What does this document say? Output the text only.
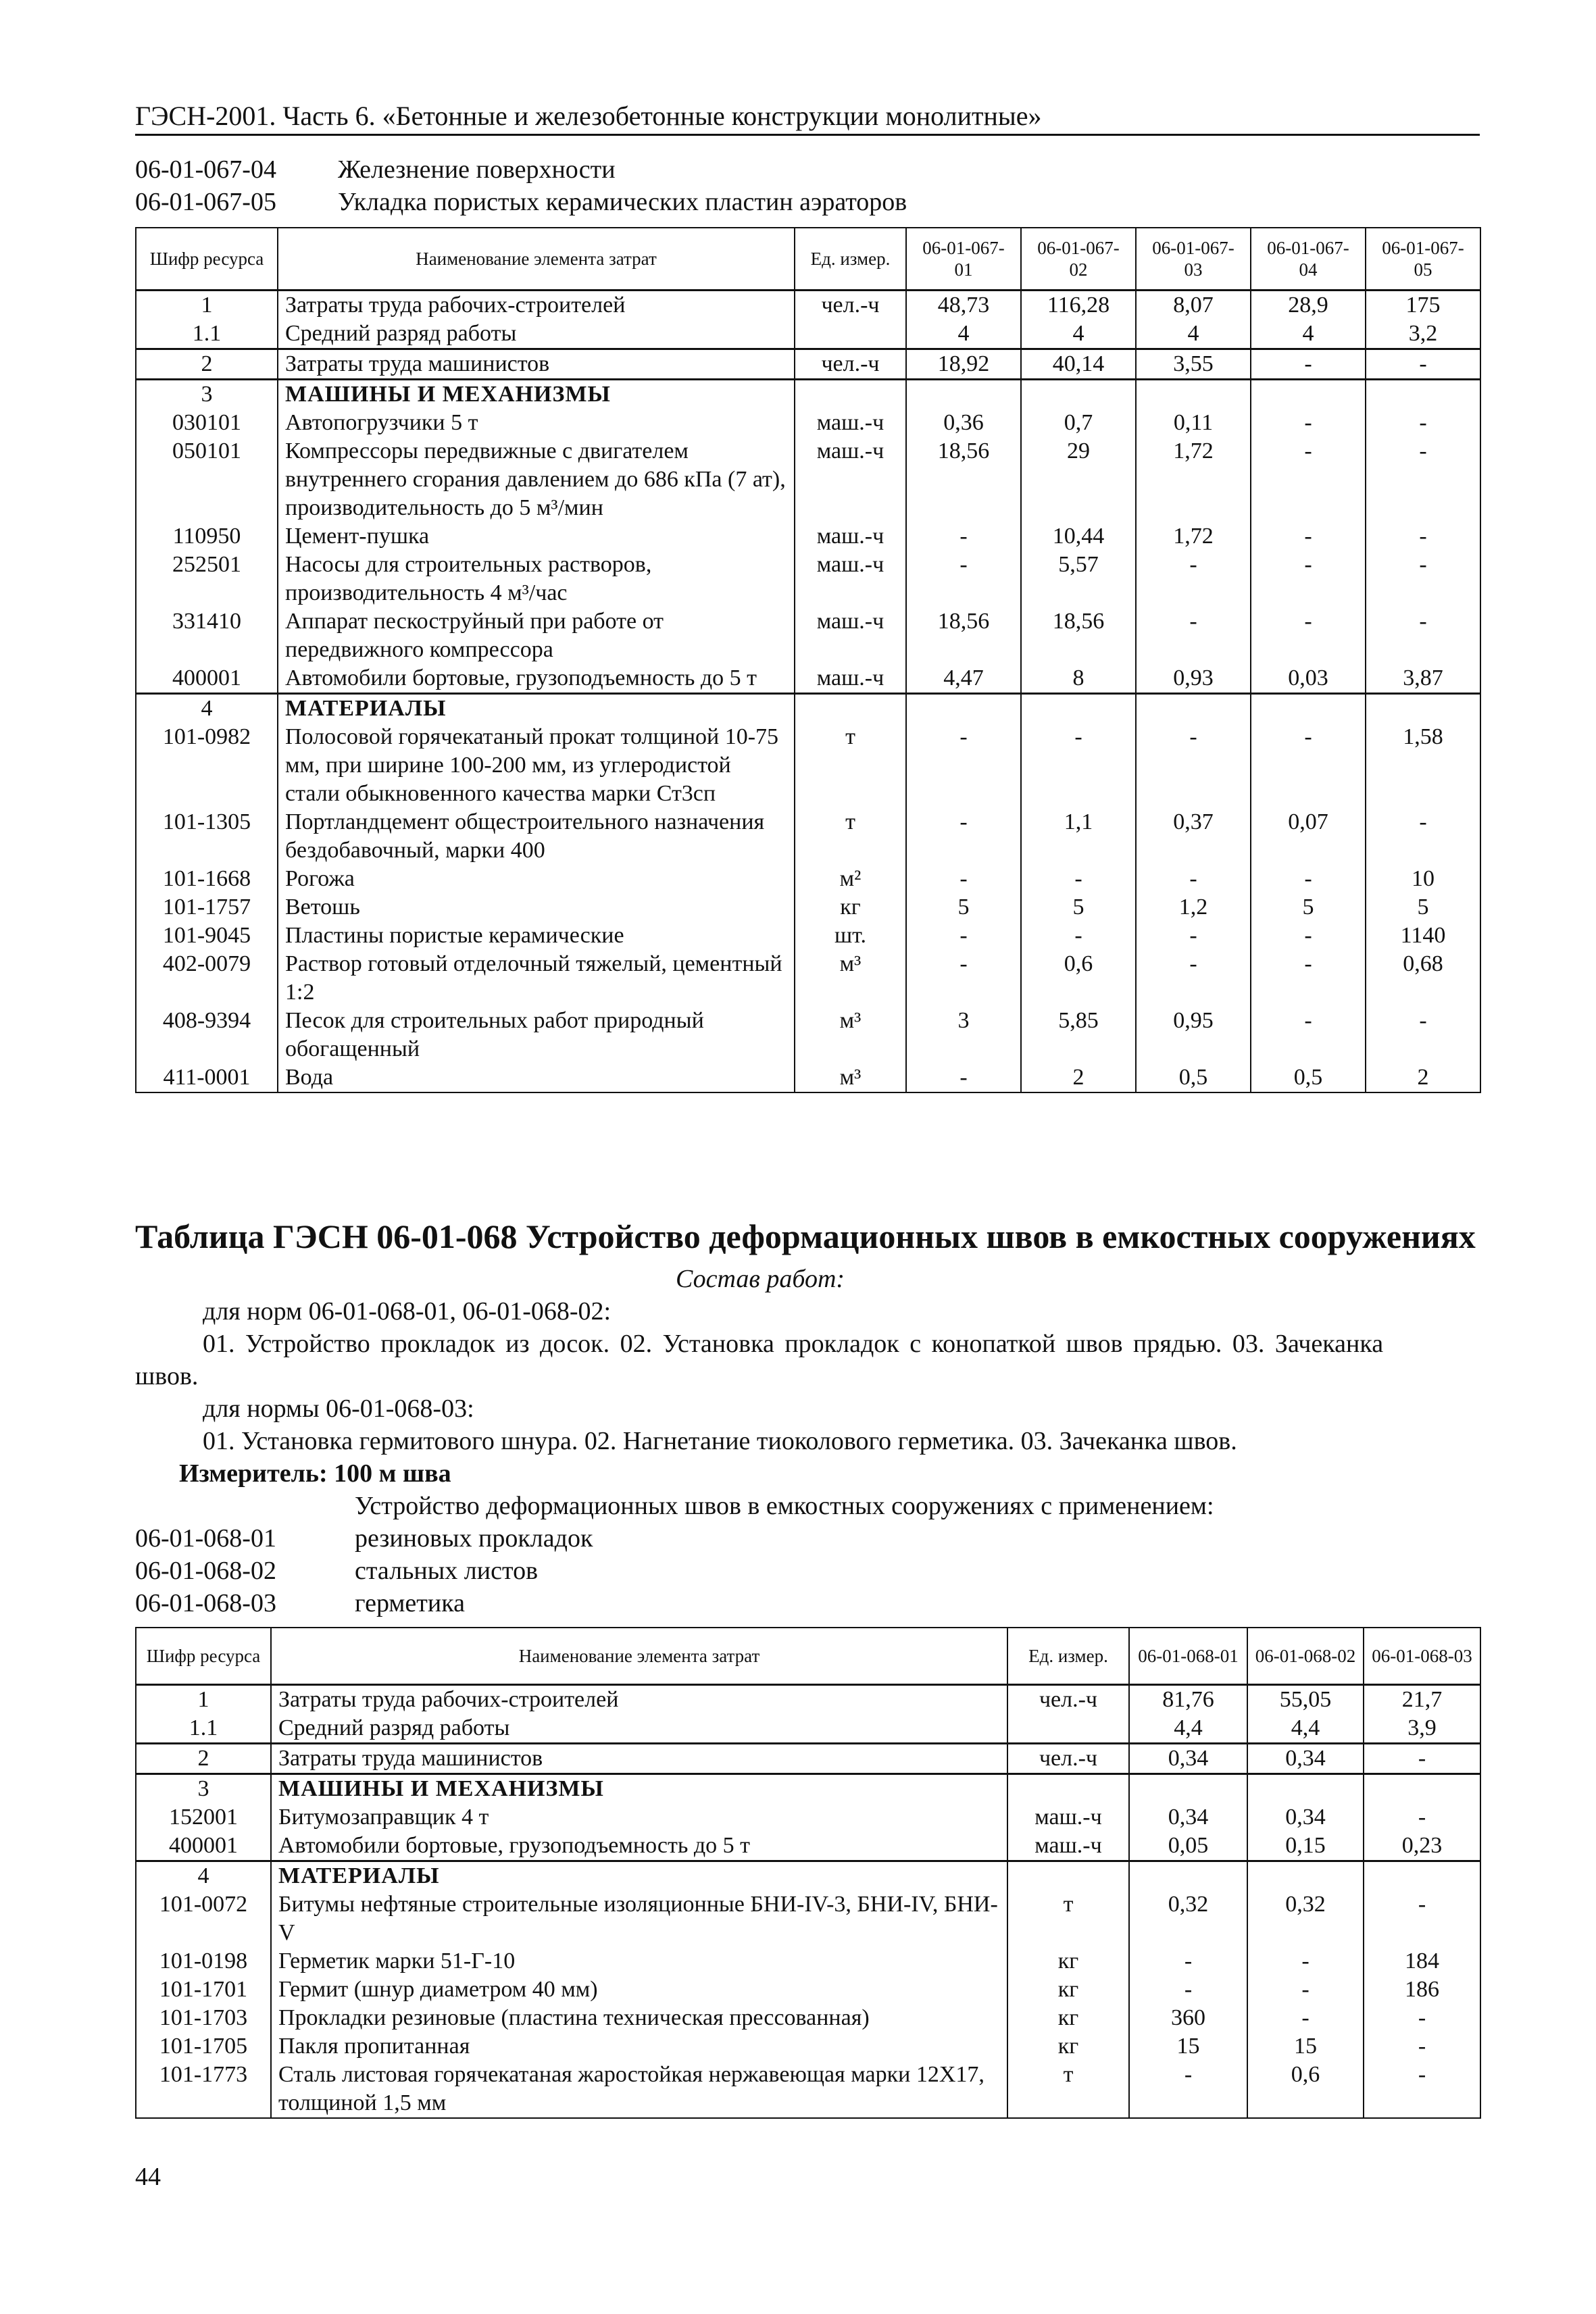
ГЭСН-2001. Часть 6. «Бетонные и железобетонные конструкции монолитные»
06-01-067-04 Железнение поверхности
06-01-067-05 Укладка пористых керамических пластин аэраторов
Шифр ресурса	Наименование элемента затрат	Ед. измер.	06-01-067-01	06-01-067-02	06-01-067-03	06-01-067-04	06-01-067-05
1	Затраты труда рабочих-строителей	чел.-ч	48,73	116,28	8,07	28,9	175
1.1	Средний разряд работы		4	4	4	4	3,2
2	Затраты труда машинистов	чел.-ч	18,92	40,14	3,55	-	-
3	МАШИНЫ И МЕХАНИЗМЫ						
030101	Автопогрузчики 5 т	маш.-ч	0,36	0,7	0,11	-	-
050101	Компрессоры передвижные с двигателем внутреннего сгорания давлением до 686 кПа (7 ат), производительность до 5 м³/мин	маш.-ч	18,56	29	1,72	-	-
110950	Цемент-пушка	маш.-ч	-	10,44	1,72	-	-
252501	Насосы для строительных растворов, производительность 4 м³/час	маш.-ч	-	5,57	-	-	-
331410	Аппарат пескоструйный при работе от передвижного компрессора	маш.-ч	18,56	18,56	-	-	-
400001	Автомобили бортовые, грузоподъемность до 5 т	маш.-ч	4,47	8	0,93	0,03	3,87
4	МАТЕРИАЛЫ						
101-0982	Полосовой горячекатаный прокат толщиной 10-75 мм, при ширине 100-200 мм, из углеродистой стали обыкновенного качества марки Ст3сп	т	-	-	-	-	1,58
101-1305	Портландцемент общестроительного назначения бездобавочный, марки 400	т	-	1,1	0,37	0,07	-
101-1668	Рогожа	м²	-	-	-	-	10
101-1757	Ветошь	кг	5	5	1,2	5	5
101-9045	Пластины пористые керамические	шт.	-	-	-	-	1140
402-0079	Раствор готовый отделочный тяжелый, цементный 1:2	м³	-	0,6	-	-	0,68
408-9394	Песок для строительных работ природный обогащенный	м³	3	5,85	0,95	-	-
411-0001	Вода	м³	-	2	0,5	0,5	2
Таблица ГЭСН 06-01-068 Устройство деформационных швов в емкостных сооружениях
Состав работ:
для норм 06-01-068-01, 06-01-068-02:
01. Устройство прокладок из досок. 02. Установка прокладок с конопаткой швов прядью. 03. Зачеканка
швов.
для нормы 06-01-068-03:
01. Установка гермитового шнура. 02. Нагнетание тиоколового герметика. 03. Зачеканка швов.
Измеритель: 100 м шва
Устройство деформационных швов в емкостных сооружениях с применением:
06-01-068-01	резиновых прокладок
06-01-068-02	стальных листов
06-01-068-03	герметика
Шифр ресурса	Наименование элемента затрат	Ед. измер.	06-01-068-01	06-01-068-02	06-01-068-03
1	Затраты труда рабочих-строителей	чел.-ч	81,76	55,05	21,7
1.1	Средний разряд работы		4,4	4,4	3,9
2	Затраты труда машинистов	чел.-ч	0,34	0,34	-
3	МАШИНЫ И МЕХАНИЗМЫ				
152001	Битумозаправщик 4 т	маш.-ч	0,34	0,34	-
400001	Автомобили бортовые, грузоподъемность до 5 т	маш.-ч	0,05	0,15	0,23
4	МАТЕРИАЛЫ				
101-0072	Битумы нефтяные строительные изоляционные БНИ-IV-3, БНИ-IV, БНИ-V	т	0,32	0,32	-
101-0198	Герметик марки 51-Г-10	кг	-	-	184
101-1701	Гермит (шнур диаметром 40 мм)	кг	-	-	186
101-1703	Прокладки резиновые (пластина техническая прессованная)	кг	360	-	-
101-1705	Пакля пропитанная	кг	15	15	-
101-1773	Сталь листовая горячекатаная жаростойкая нержавеющая марки 12Х17, толщиной 1,5 мм	т	-	0,6	-
44
